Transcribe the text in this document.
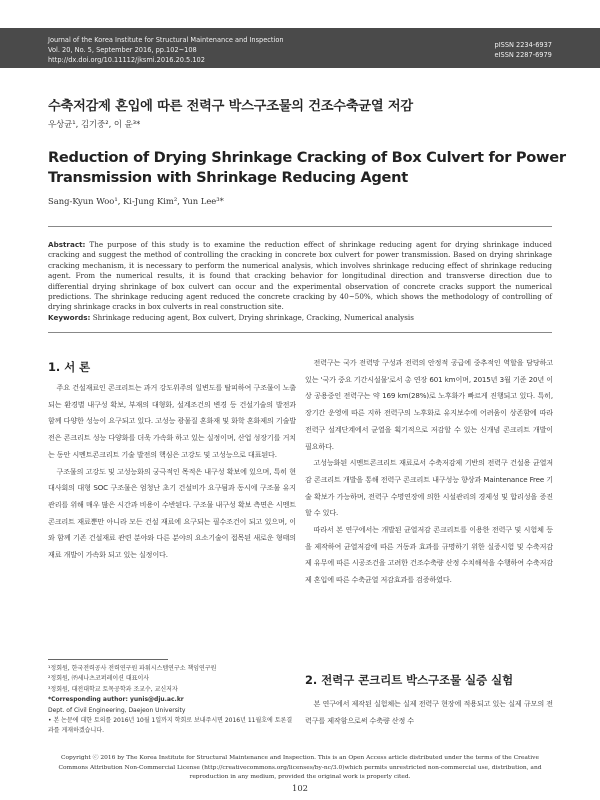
Journal of the Korea Institute for Structural Maintenance and Inspection
Vol. 20, No. 5, September 2016, pp.102~108
http://dx.doi.org/10.11112/jksmi.2016.20.5.102
pISSN 2234-6937
eISSN 2287-6979
수축저감제 혼입에 따른 전력구 박스구조물의 건조수축균열 저감
우상균¹, 김기중², 이 윤³*
Reduction of Drying Shrinkage Cracking of Box Culvert for Power Transmission with Shrinkage Reducing Agent
Sang-Kyun Woo¹, Ki-Jung Kim², Yun Lee³*
Abstract: The purpose of this study is to examine the reduction effect of shrinkage reducing agent for drying shrinkage induced cracking and suggest the method of controlling the cracking in concrete box culvert for power transmission. Based on drying shrinkage cracking mechanism, it is necessary to perform the numerical analysis, which involves shrinkage reducing effect of shrinkage reducing agent. From the numerical results, it is found that cracking behavior for longitudinal direction and transverse direction due to differential drying shrinkage of box culvert can occur and the experimental observation of concrete cracks support the numerical predictions. The shrinkage reducing agent reduced the concrete cracking by 40~50%, which shows the methodology of controlling of drying shrinkage cracks in box culverts in real construction site.
Keywords: Shrinkage reducing agent, Box culvert, Drying shrinkage, Cracking, Numerical analysis
1. 서 론

주요 건설재료인 콘크리트는 과거 강도위주의 일변도를 탈피하여 구조물이 노출되는 환경별 내구성 확보, 부재의 대형화, 설계조건의 변경 등 건설기술의 발전과 함께 다양한 성능이 요구되고 있다. 고성능 광물질 혼화재 및 화학 혼화제의 기술발전은 콘크리트 성능 다양화를 더욱 가속화 하고 있는 실정이며, 산업 성장기를 거치는 동안 시멘트콘크리트 기술 발전의 핵심은 고강도 및 고성능으로 대표된다.

구조물의 고강도 및 고성능화의 궁극적인 목적은 내구성 확보에 있으며, 특히 현대사회의 대형 SOC 구조물은 엄청난 초기 건설비가 요구됨과 동시에 구조물 유지관리를 위해 매우 많은 시간과 비용이 수반된다. 구조물 내구성 확보 측면은 시멘트콘크리트 재료뿐만 아니라 모든 건설 재료에 요구되는 필수조건이 되고 있으며, 이와 함께 기존 건설재료 관련 분야와 다른 분야의 요소기술이 접목된 새로운 형태의 재료 개발이 가속화 되고 있는 실정이다.

전력구는 국가 전력망 구성과 전력의 안정적 공급에 중추적인 역할을 담당하고 있는 '국가 중요 기간시설물'로서 총 연장 601 km이며, 2015년 3월 기준 20년 이상 공용중인 전력구는 약 169 km(28%)로 노후화가 빠르게 진행되고 있다. 특히, 장기간 운영에 따른 지하 전력구의 노후화로 유지보수에 어려움이 상존함에 따라 전력구 설계단계에서 균열을 획기적으로 저감할 수 있는 신개념 콘크리트 개발이 필요하다.

고성능화된 시멘트콘크리트 재료로서 수축저감제 기반의 전력구 건설용 균열저감 콘크리트 개발을 통해 전력구 콘크리트 내구성능 향상과 Maintenance Free 기술 확보가 가능하며, 전력구 수명연장에 의한 시설관리의 경제성 및 합리성을 증진할 수 있다.

따라서 본 연구에서는 개발된 균열저감 콘크리트를 이용한 전력구 및 시험체 등을 제작하여 균열저감에 따른 거동과 효과를 규명하기 위한 실증시험 및 수축저감제 유무에 따른 시공조건을 고려한 건조수축량 산정 수치해석을 수행하여 수축저감제 혼입에 따른 수축균열 저감효과를 검증하였다.

2. 전력구 콘크리트 박스구조물 실증 실험

본 연구에서 제작된 실험체는 실제 전력구 현장에 적용되고 있는 실제 규모의 전력구를 제작함으로써 수축량 산정 수

¹정회원, 한국전력공사 전력연구원 파워시스템연구소 책임연구원
²정회원, ㈜세나츠코퍼레이션 대표이사
³정회원, 대전대학교 토목공학과 조교수, 교신저자
*Corresponding author: yunis@dju.ac.kr
Dept. of Civil Engineering, Daejeon University
• 본 논문에 대한 토의를 2016년 10월 1일까지 학회로 보내주시면 2016년 11월호에 토론결과를 게재하겠습니다.
Copyright ⓒ 2016 by The Korea Institute for Structural Maintenance and Inspection. This is an Open Access article distributed under the terms of the Creative Commons Attribution Non-Commercial License (http://creativecommons.org/licenses/by-nc/3.0)which permits unrestricted non-commercial use, distribution, and reproduction in any medium, provided the original work is properly cited.
102
